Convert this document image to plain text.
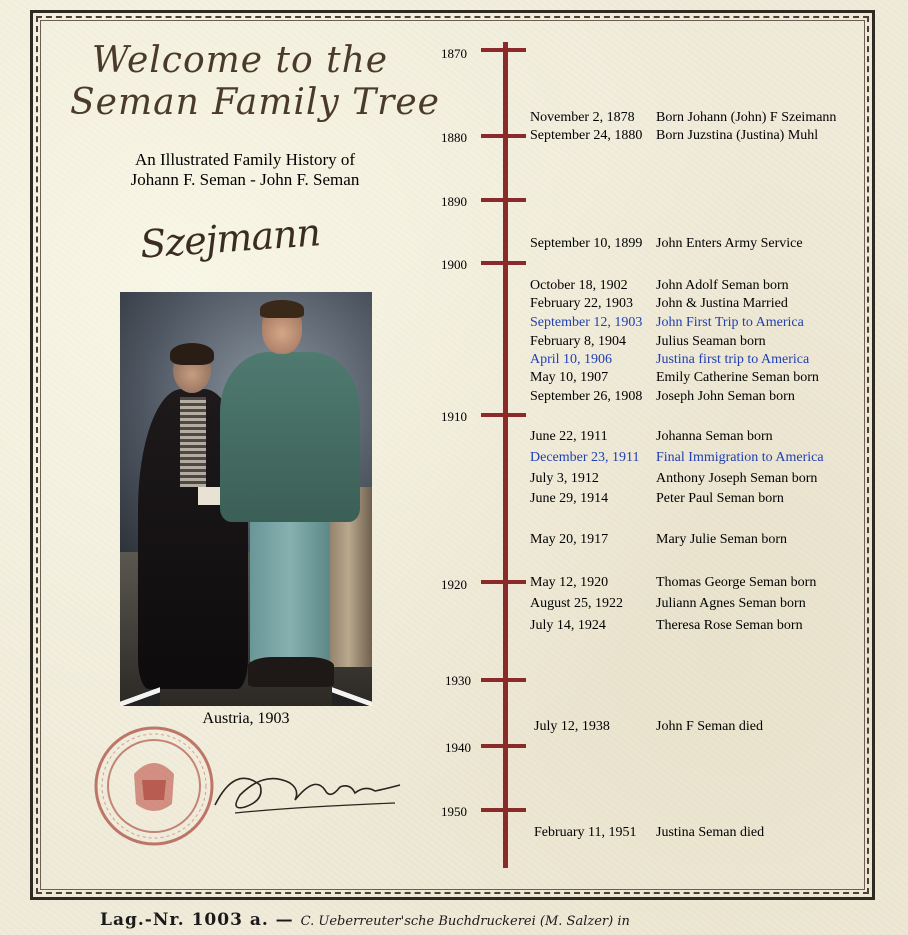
Welcome to the
Seman Family Tree
An Illustrated Family History of
Johann F. Seman - John F. Seman
Szejmann
Austria, 1903
1870
1880
1890
1900
1910
1920
1930
1940
1950
November 2, 1878 Born Johann (John) F Szeimann
September 24, 1880 Born Juzstina (Justina) Muhl
September 10, 1899 John Enters Army Service
October 18, 1902 John Adolf Seman born
February 22, 1903 John & Justina Married
September 12, 1903 John First Trip to America
February 8, 1904 Julius Seaman born
April 10, 1906	Justina first trip to America
May 10, 1907	Emily Catherine Seman born
September 26, 1908 Joseph John Seman born
June 22, 1911	Johanna Seman born
December 23, 1911 Final Immigration to America
July 3, 1912	Anthony Joseph Seman born
June 29, 1914	Peter Paul Seman born
May 20, 1917	Mary Julie Seman born
May 12, 1920	Thomas George Seman born
August 25, 1922 Juliann Agnes Seman born
July 14, 1924	Theresa Rose Seman born
July 12, 1938	John F Seman died
February 11, 1951 Justina Seman died
Lag.-Nr. 1003 a. — C. Ueberreuter'sche Buchdruckerei (M. Salzer) in
